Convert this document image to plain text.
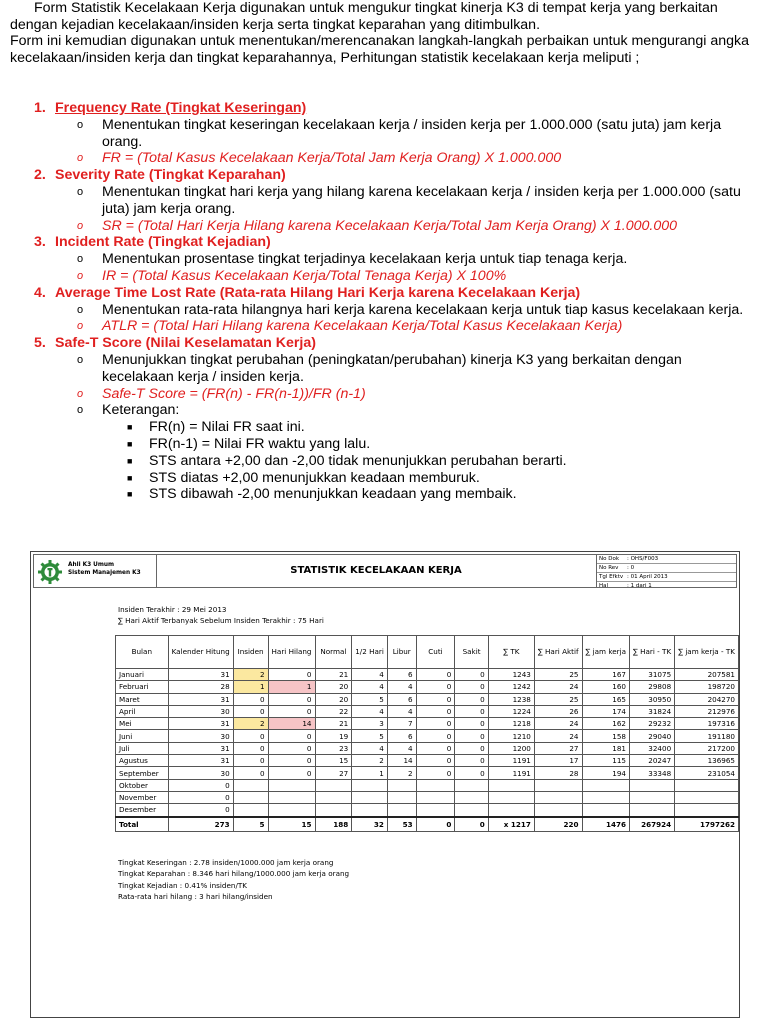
Form Statistik Kecelakaan Kerja digunakan untuk mengukur tingkat kinerja K3 di tempat kerja yang berkaitan dengan kejadian kecelakaan/insiden kerja serta tingkat keparahan yang ditimbulkan.

Form ini kemudian digunakan untuk menentukan/merencanakan langkah-langkah perbaikan untuk mengurangi angka kecelakaan/insiden kerja dan tingkat keparahannya, Perhitungan statistik kecelakaan kerja meliputi ;

1. Frequency Rate (Tingkat Keseringan)
o Menentukan tingkat keseringan kecelakaan kerja / insiden kerja per 1.000.000 (satu juta) jam kerja orang.
o FR = (Total Kasus Kecelakaan Kerja/Total Jam Kerja Orang) X 1.000.000
2. Severity Rate (Tingkat Keparahan)
o Menentukan tingkat hari kerja yang hilang karena kecelakaan kerja / insiden kerja per 1.000.000 (satu juta) jam kerja orang.
o SR = (Total Hari Kerja Hilang karena Kecelakaan Kerja/Total Jam Kerja Orang) X 1.000.000
3. Incident Rate (Tingkat Kejadian)
o Menentukan prosentase tingkat terjadinya kecelakaan kerja untuk tiap tenaga kerja.
o IR = (Total Kasus Kecelakaan Kerja/Total Tenaga Kerja) X 100%
4. Average Time Lost Rate (Rata-rata Hilang Hari Kerja karena Kecelakaan Kerja)
o Menentukan rata-rata hilangnya hari kerja karena kecelakaan kerja untuk tiap kasus kecelakaan kerja.
o ATLR = (Total Hari Hilang karena Kecelakaan Kerja/Total Kasus Kecelakaan Kerja)
5. Safe-T Score (Nilai Keselamatan Kerja)
o Menunjukkan tingkat perubahan (peningkatan/perubahan) kinerja K3 yang berkaitan dengan kecelakaan kerja / insiden kerja.
o Safe-T Score = (FR(n) - FR(n-1))/FR (n-1)
o Keterangan:
■ FR(n) = Nilai FR saat ini.
■ FR(n-1) = Nilai FR waktu yang lalu.
■ STS antara +2,00 dan -2,00 tidak menunjukkan perubahan berarti.
■ STS diatas +2,00 menunjukkan keadaan memburuk.
■ STS dibawah -2,00 menunjukkan keadaan yang membaik.
Ahli K3 Umum
Sistem Manajemen K3	STATISTIK KECELAKAAN KERJA
No Dok : OHS/F003
No Rev : 0
Tgl Efktv : 01 April 2013
Hal	: 1 dari 1
Insiden Terakhir : 29 Mei 2013
∑ Hari Aktif Terbanyak Sebelum Insiden Terakhir : 75 Hari
Bulan	Kalender Hitung	Insiden	Hari Hilang	Normal	1/2 Hari	Libur	Cuti	Sakit	∑ TK	∑ Hari Aktif	∑ jam kerja	∑ Hari - TK	∑ jam kerja - TK
Januari	31	2	0	21	4	6	0	0	1243	25	167	31075	207581
Februari	28	1	1	20	4	4	0	0	1242	24	160	29808	198720
Maret	31	0	0	20	5	6	0	0	1238	25	165	30950	204270
April	30	0	0	22	4	4	0	0	1224	26	174	31824	212976
Mei	31	2	14	21	3	7	0	0	1218	24	162	29232	197316
Juni	30	0	0	19	5	6	0	0	1210	24	158	29040	191180
Juli	31	0	0	23	4	4	0	0	1200	27	181	32400	217200
Agustus	31	0	0	15	2	14	0	0	1191	17	115	20247	136965
September	30	0	0	27	1	2	0	0	1191	28	194	33348	231054
Oktober	0												
November	0												
Desember	0												
Total	273	5	15	188	32	53	0	0	x 1217	220	1476	267924	1797262
Tingkat Keseringan : 2.78 insiden/1000.000 jam kerja orang
Tingkat Keparahan : 8.346 hari hilang/1000.000 jam kerja orang
Tingkat Kejadian : 0.41% insiden/TK
Rata-rata hari hilang : 3 hari hilang/insiden
